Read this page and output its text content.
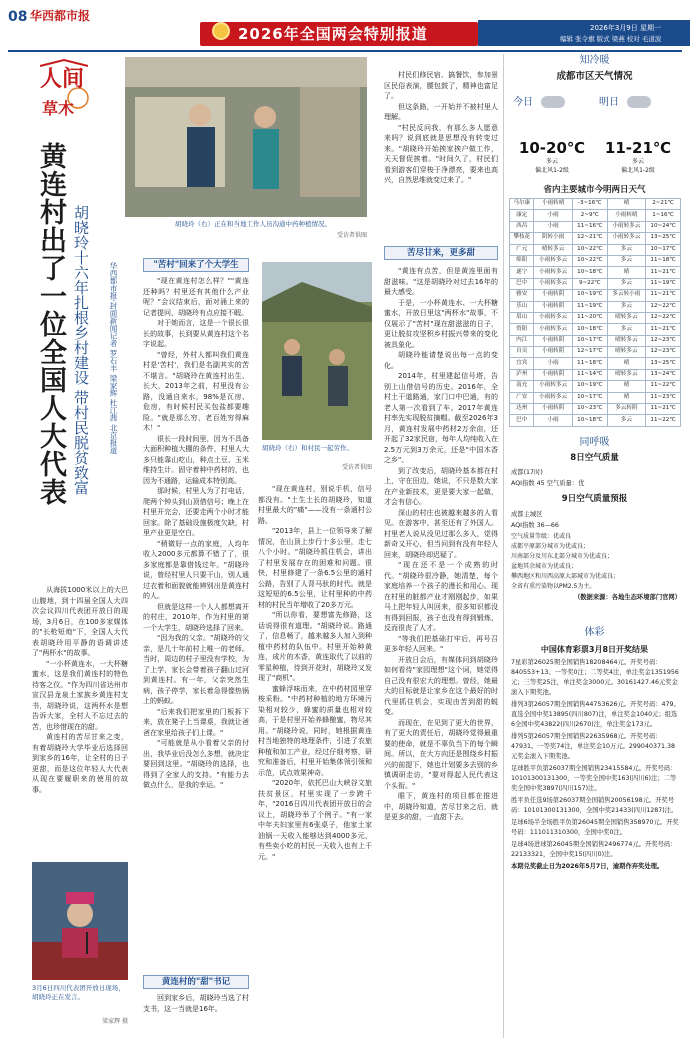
08 华西都市报
2026年全国两会特别报道	2026年3月9日 星期一
编辑 张令旗 版式 梁燕 校对 毛道波
人 间
草木
黄连村出了一位全国人大代表 胡晓玲十六年扎根乡村建设 带村民脱贫致富	华西都市报·封面新闻记者 罗石丰 梁家辉 杜江茜 北京报道

从海拔1000米以上的大巴山腹地，到十四届全国人大四次会议四川代表团开放日的现场，3月6日，在100多家媒体的"长枪短炮"下，全国人大代表胡晓玲用平静的语调讲述了"两杯水"的故事。

"一小杯黄连水，一大杯糖蜜水，这是我们黄连村的特色待客之仪。"作为四川省达州市宣汉县龙泉土家族乡黄连村支书，胡晓玲说，这两杯水是想告诉大家，全村人不忘过去的苦，也珍惜现在的甜。

黄连村的苦尽甘来之变，有着胡晓玲大学毕业后选择回到家乡的16年，让全村的日子更甜，而是这位年轻人大代表从现在要履职来的使用的故事。

3月6日四川代表团开放日现场，胡晓玲正在发言。
梁家辉 摄
胡晓玲（右）正在和当地工作人员沟通中药种植情况。
受访者供图
"苦村"回来了个大学生

"现在黄连村怎么样？""黄连还种吗？村里还有其他什么产业呢？"会议结束后，面对涌上来的记者提问，胡晓玲有点应接不暇。

对于她而言，这是一个很长很长的故事，长到要从黄连村这个名字说起。

"曾经，外村人都叫我们黄连村是'苦村'，我们是名副其实的苦不堪言。"胡晓玲在黄连村出生、长大，2013年之前，村里没有公路，没通自来水，98%是瓦房、危房，有时候村民买包盐都要趣险。"就是那么穷，老百姓穷得麻木！"

很长一段时间里，因为不具备大面积种植大棚的条件，村里人大多只能靠山吃山，种点土豆、玉米维持生计。固守着种中药材的，也因为不通路，运输成本特别高。

那时候，村里人为了打电话，爬两个钟头到山顶借信号；晚上在村里开完会，还要走两个小时才能回家。除了基础设施极度欠缺，村里产业更是空白。

"稍微好一点的家庭，人均年收入2000多元都算不错了了，很多家庭都是靠借钱过年。"胡晓玲说，曾经村里人只要干山，别人通过衣着和面貌就能辨别出是黄连村的人。

但就是这样一个人人都想离开的村庄，2010年，作为村里的第一个大学生，胡晓玲选择了回来。

"因为我的父亲。"胡晓玲的父亲，是几十年前村上唯一的老师。当时，周边的村子里没有学校，为了上学，家长会带着孩子翻山过河到黄连村。有一年，父亲突然生病，孩子停学，家长着急得像热锅上的蚂蚁。

"后来我们把家里的门板拆下来，放在凳子上当课桌，我就让爸爸在家里给孩子们上课。"

"可能就是从小看着父亲的付出，我毕业后没怎么多想，就决定要回到这里。"胡晓玲的选择，也得到了全家人的支持。"有能力去做点什么，是我的幸运。"

黄连村的"甜"书记

回到家乡后，胡晓玲当选了村支书，这一当就是16年。

胡晓玲（右）和村民一起劳作。
受访者供图

"现在黄连村，别说手机，信号都没有。"土生土长的胡晓玲，知道村里最大的"痛"——没有一条通村公路。

"2013年，县上一位领导来了解情况，在山顶上步行十多公里，走七八个小时。"胡晓玲抓住机会，讲出了村里发展存在的困难和问题。很快，村里修建了一条6.5公里的通村公路，告别了人背马驮的时代。就是这短短的6.5公里，让村里种的中药材的村民当年增收了20多万元。

"所以你看，要想富先修路，这话说得很有道理。"胡晓玲说。路通了，信息畅了，越来越多人加入到种植中药材的队伍中。村里开始种黄连，成片的木香，黄连取代了以前的零星种植，待到开花时，胡晓玲又发现了"商机"。

蜜蜂浮味而来，在中药材园里穿梭采粉。"中药材种植的地方环境污染相对较少，蜂蜜的质量也相对较高，于是村里开始养蜂酿蜜，物尽其用。"胡晓玲说，同时，她根据黄连村当地独特的地理条件，引进了农旅种植和加工产业，经过仔细考察，研究和准备后，村里开始集体领引领和示范，试点效果神奇。

"2020年，依托巴山大峡谷文旅扶贫景区，村里实现了一步跨千年，"2016日四川代表团开放日的会议上，胡晓玲举了个例子。"有一家中年夫妇家里有6张桌子，他家土家油锅一天收入能够达到4000多元，有些卖小吃的村民一天收入也有上千元。"

村民们修民宿、搞餐饮，参加景区民俗表演，腰包鼓了，精神也富足了。

但这条路，一开始并不被村里人理解。

"村民反问我，有那么多人愿意来吗？说到底就是思想没有转变过来。"胡晓玲开始挨家挨户做工作，天天督促挨着。"时间久了，村民们看到游客们穿梭于净漂亮，要来也高兴，自然思维就变过来了。"

苦尽甘来，更多甜

"黄连有点苦，但是黄连里面有甜滋味。"这是胡晓玲对过去16年的最大感受。

于是，一小杯黄连水、一大杯糖蜜水，开放日里这"两杯水"故事，不仅展示了"苦村"现在甜滋滋的日子，更让脱贫攻坚积乡村振兴带来的变化被具象化。

胡晓玲能请楚说出每一点的变化。

2014年，村里建起信号塔，告别上山借信号的历史。2016年，全村土干道路通，家门口中巴通，有的老人第一次看到了车。2017年黄连村率先实现脱贫摘帽。截至2026年3月，黄连村发展中药材2万余亩，还开起了32家民宿，每年人均纯收入在2.5万元到3万余元，还是"中国木香之乡"。

到了改变后，胡晓玲基本都在村上，守在田边，她说，不只是数大家在产业新技术，更是要大家一起做，才会有信心。

深山的村庄也被越来越多的人看见。在游客中，甚至还有了外国人。村里老人说从没见过那么多人，觉得新奇又开心，但当问到有没有年轻人回来，胡晓玲却迟疑了。

"现在还不是一个成熟的时代。"胡晓玲很冷静，她清楚，每个家庭培养一个孩子的漫长和用心。现在村里的脏都产业才刚刚起步，如果马上把年轻人叫回来，很多知识都没有得到回报，孩子也没有得到锻炼，反而很丧了人才。

"等我们把基础打牢后，再号召更多年轻人回来。"

开放日会后，有媒体问到胡晓玲如何看待"家园理想"这个词，她觉得自己没有很宏大的理想。曾经，她最大的目标就是让家乡在这个最好的时代里抓住机会，实现由苦到甜的蜕变。

而现在，在见到了更大的世界，有了更大的责任后，胡晓玲觉得最重要的使命，就是不辜负当下的每个瞬间。所以，在大方向还是围绕乡村振兴的前提下，她也计划要多去别的乡镇调研走访，"要对得起人民代表这个头衔。"

眼下，黄连村的项目都在推进中，胡晓玲知道，苦尽甘来之后，就是更多的甜，一直甜下去。

知冷暖
成都市区天气情况
今日
10-20℃
多云
偏北风1-2级
明日
11-21℃
多云
偏北风1-2级
省内主要城市今明两日天气
马尔康	小雨转晴	-3~16℃	晴	2~21℃
康定	小雨	2~9℃	小雨转晴	1~16℃
西昌	小雨	11~16℃	小雨转多云	10~24℃
攀枝花	阴转小雨	12~21℃	小雨转多云	13~25℃
广元	晴转多云	10~22℃	多云	10~17℃
绵阳	小雨转多云	10~22℃	多云	11~18℃
遂宁	小雨转多云	10~18℃	晴	11~21℃
巴中	小雨转多云	9~22℃	多云	11~19℃
雅安	小雨转阴	10~19℃	多云转小雨	11~21℃
乐山	小雨转阴	11~19℃	多云	12~22℃
眉山	小雨转多云	11~20℃	晴转多云	12~22℃
资阳	小雨转多云	10~18℃	多云	11~21℃
内江	小雨转阴	10~17℃	晴转多云	12~23℃
自贡	小雨转阴	12~17℃	晴转多云	12~23℃
宜宾	小雨	11~18℃	晴	13~25℃
泸州	小雨转阴	11~14℃	晴转多云	13~24℃
南充	小雨转多云	10~19℃	晴	11~22℃
广安	小雨转多云	10~17℃	晴	11~23℃
达州	小雨转阴	10~23℃	多云转阴	11~21℃
巴中	小雨	10~18℃	多云	11~22℃
同呼吸
8日空气质量
成都(17时)
AQI指数 45 空气质量：优
9日空气质量预报
成都主城区
AQI指数 36—66
空气质量等级：优或良
成都平原部分城市为优或良；
川南部分及川东北部分城市为优或良；
盆地其余城市为优或良；
攀西地区和川西高原大部城市为优或良；
全省有重污染物以PM2.5为主。
（数据来源：各地生态环境部门官网）
体彩
中国体育彩票3月8日开奖结果
7星彩第26025期全国销售18208464元。开奖号码：840553+13。一等奖0注；二等奖4注，单注奖金1351956元；三等奖25注，单注奖金3000元。30161427.46元奖金滚入下期奖池。
排列3第26057期全国销售44753626元。开奖号码：479。直选全国中奖13895(四川807)注，单注奖金1040元；组选6全国中奖43822(四川2670)注，单注奖金173元。
排列5第26057期全国销售22635968元。开奖号码：47931。一等奖74注，单注奖金10万元。299040371.38元奖金滚入下期奖池。
足球胜平负第26037期全国销售23415584元。开奖号码：10101300131300，一等奖全国中奖163(四川6)注；二等奖全国中奖3897(四川157)注。
胜平负任选9场第26037期全国销售20056198元。开奖号码：10101300131300，全国中奖21433(四川1287)注。
足球6场半全场胜平负第26045期全国销售358970元。开奖号码：111011310300，全国中奖0注。
足球4场进球第26045期全国销售2496774元。开奖号码：22133321，全国中奖15(四川0)注。
本期兑奖截止日为2026年5月7日，逾期作弃奖处理。
